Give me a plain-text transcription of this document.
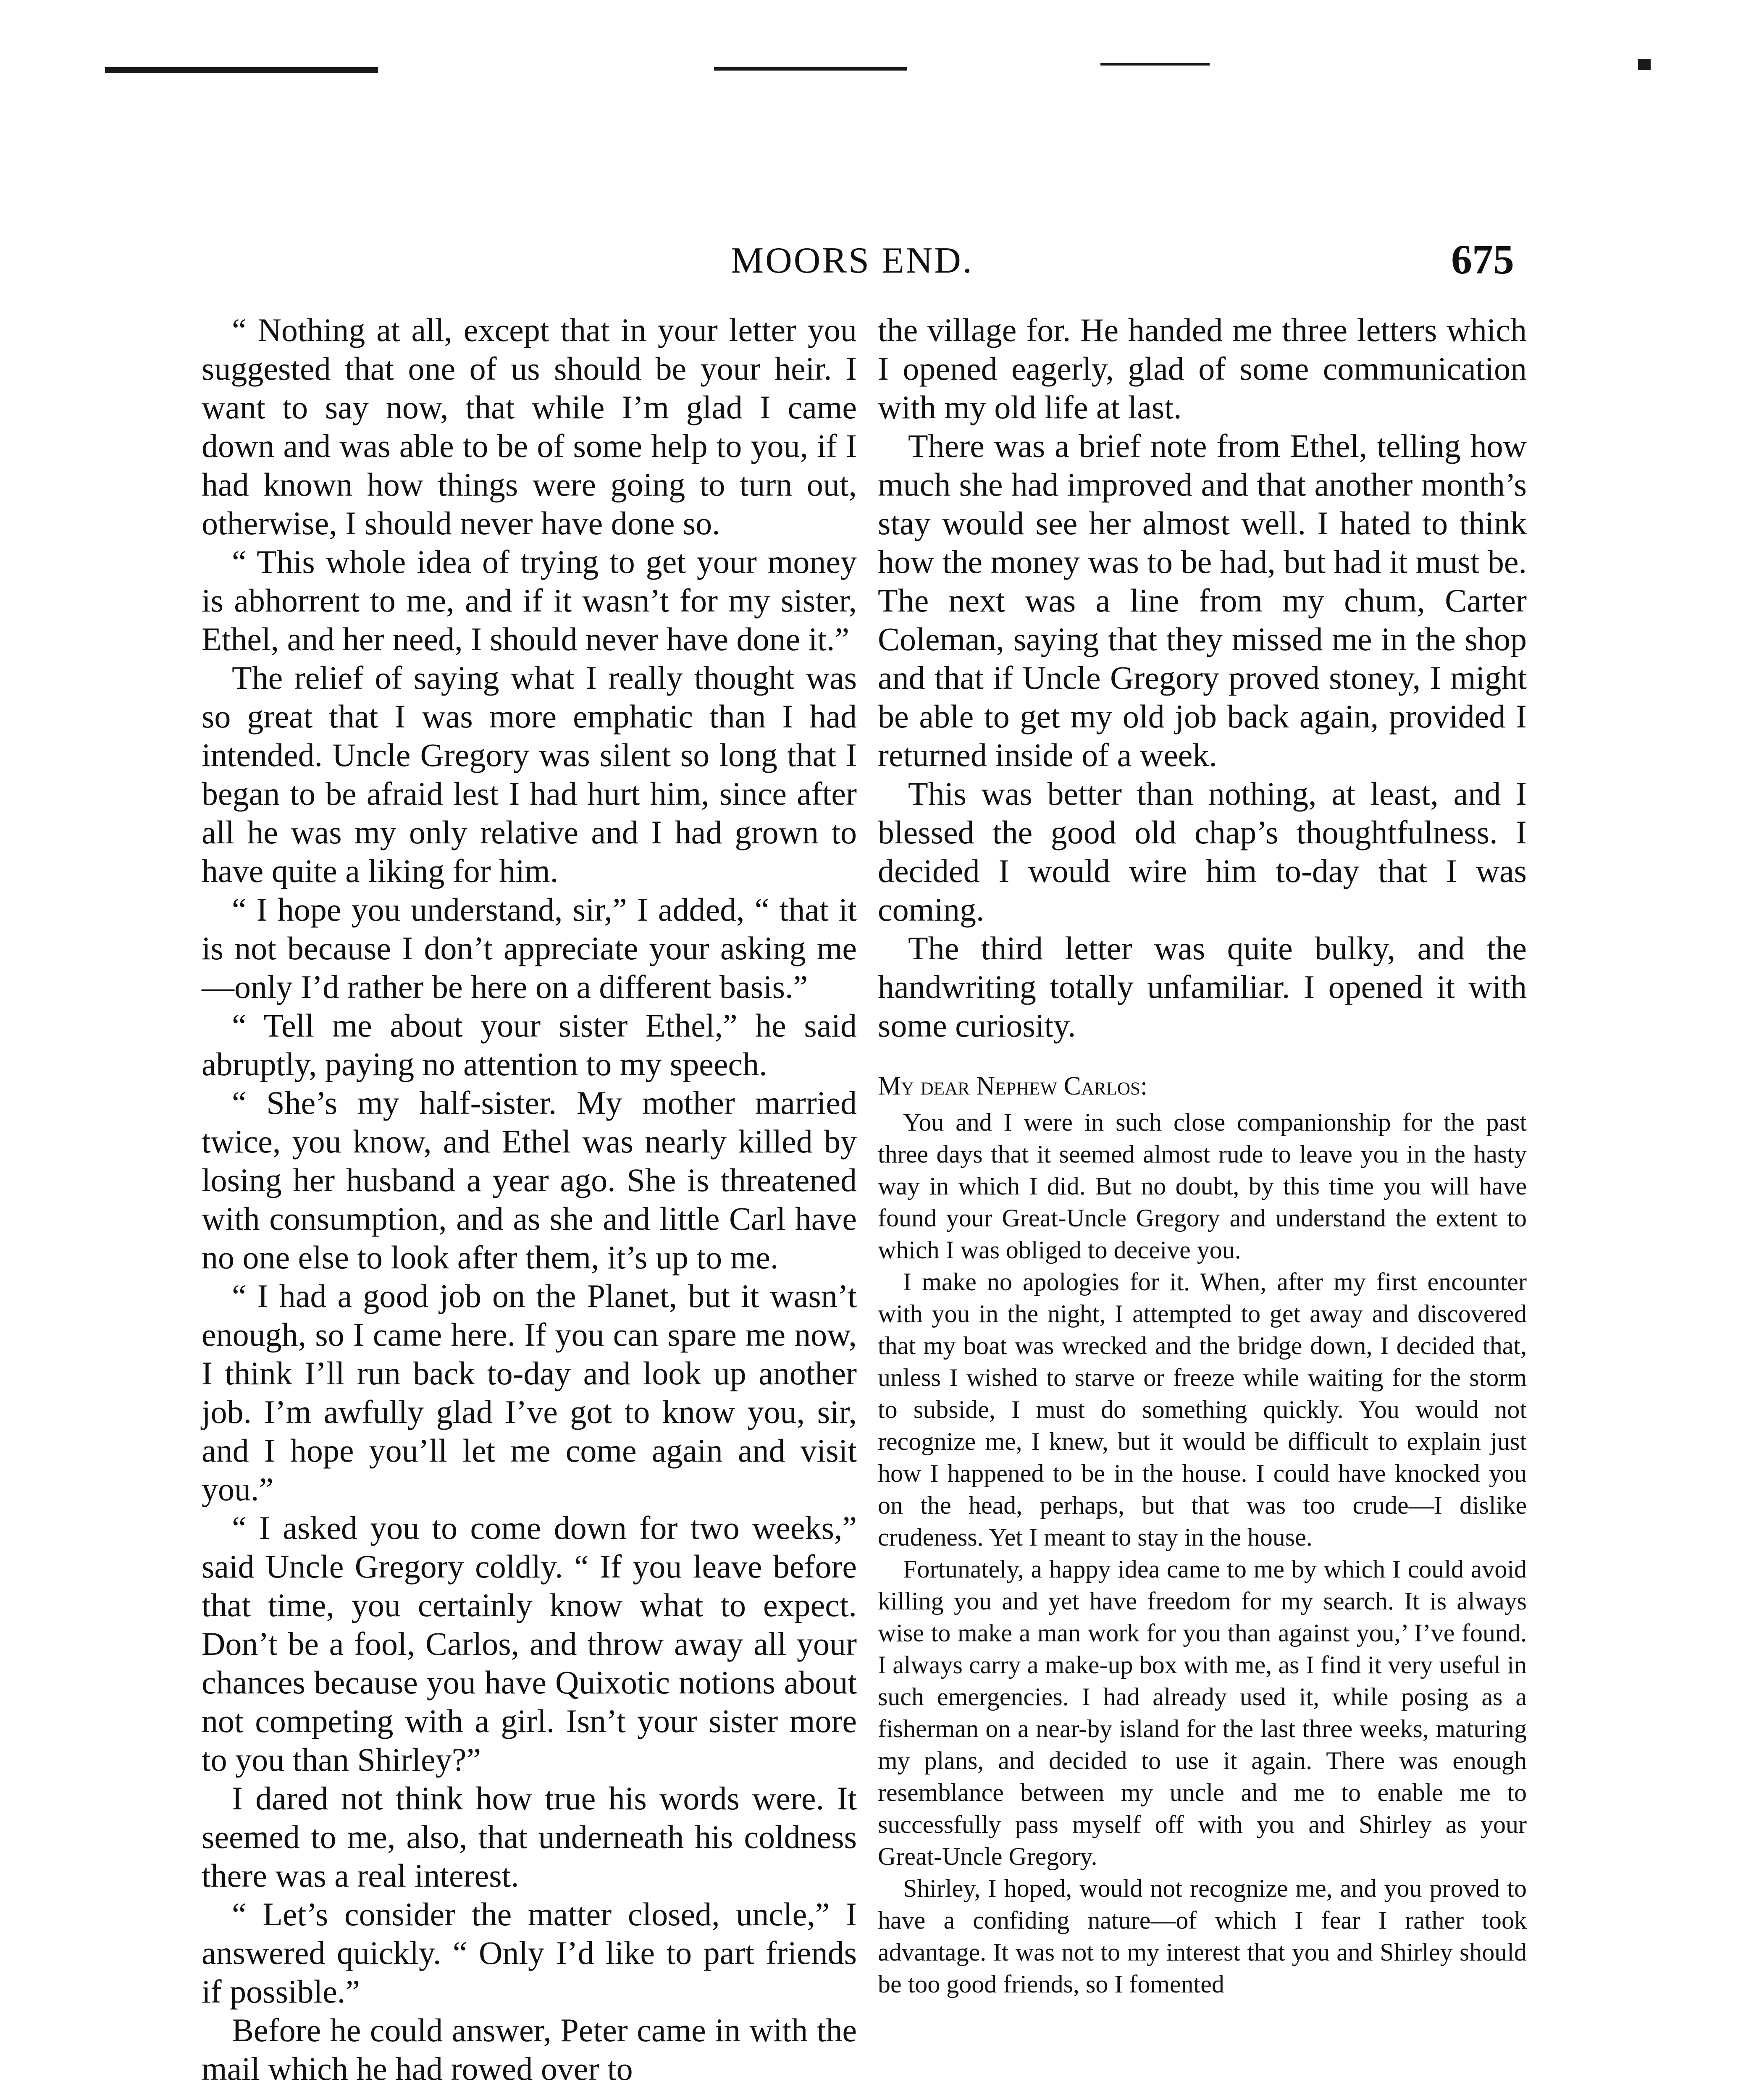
MOORS END.	675

“ Nothing at all, except that in your letter you suggested that one of us should be your heir. I want to say now, that while I’m glad I came down and was able to be of some help to you, if I had known how things were going to turn out, otherwise, I should never have done so.

“ This whole idea of trying to get your money is abhorrent to me, and if it wasn’t for my sister, Ethel, and her need, I should never have done it.”

The relief of saying what I really thought was so great that I was more emphatic than I had intended. Uncle Gregory was silent so long that I began to be afraid lest I had hurt him, since after all he was my only relative and I had grown to have quite a liking for him.

“ I hope you understand, sir,” I added, “ that it is not because I don’t appreciate your asking me—only I’d rather be here on a different basis.”

“ Tell me about your sister Ethel,” he said abruptly, paying no attention to my speech.

“ She’s my half-sister. My mother married twice, you know, and Ethel was nearly killed by losing her husband a year ago. She is threatened with consumption, and as she and little Carl have no one else to look after them, it’s up to me.

“ I had a good job on the Planet, but it wasn’t enough, so I came here. If you can spare me now, I think I’ll run back to-day and look up another job. I’m awfully glad I’ve got to know you, sir, and I hope you’ll let me come again and visit you.”

“ I asked you to come down for two weeks,” said Uncle Gregory coldly. “ If you leave before that time, you certainly know what to expect. Don’t be a fool, Carlos, and throw away all your chances because you have Quixotic notions about not competing with a girl. Isn’t your sister more to you than Shirley?”

I dared not think how true his words were. It seemed to me, also, that underneath his coldness there was a real interest.

“ Let’s consider the matter closed, uncle,” I answered quickly. “ Only I’d like to part friends if possible.”

Before he could answer, Peter came in with the mail which he had rowed over to

the village for. He handed me three letters which I opened eagerly, glad of some communication with my old life at last.

There was a brief note from Ethel, telling how much she had improved and that another month’s stay would see her almost well. I hated to think how the money was to be had, but had it must be. The next was a line from my chum, Carter Coleman, saying that they missed me in the shop and that if Uncle Gregory proved stoney, I might be able to get my old job back again, provided I returned inside of a week.

This was better than nothing, at least, and I blessed the good old chap’s thoughtfulness. I decided I would wire him to-day that I was coming.

The third letter was quite bulky, and the handwriting totally unfamiliar. I opened it with some curiosity.

My dear Nephew Carlos:

You and I were in such close companionship for the past three days that it seemed almost rude to leave you in the hasty way in which I did. But no doubt, by this time you will have found your Great-Uncle Gregory and understand the extent to which I was obliged to deceive you.

I make no apologies for it. When, after my first encounter with you in the night, I attempted to get away and discovered that my boat was wrecked and the bridge down, I decided that, unless I wished to starve or freeze while waiting for the storm to subside, I must do something quickly. You would not recognize me, I knew, but it would be difficult to explain just how I happened to be in the house. I could have knocked you on the head, perhaps, but that was too crude—I dislike crudeness. Yet I meant to stay in the house.

Fortunately, a happy idea came to me by which I could avoid killing you and yet have freedom for my search. It is always wise to make a man work for you than against you,’ I’ve found. I always carry a make-up box with me, as I find it very useful in such emergencies. I had already used it, while posing as a fisherman on a near-by island for the last three weeks, maturing my plans, and decided to use it again. There was enough resemblance between my uncle and me to enable me to successfully pass myself off with you and Shirley as your Great-Uncle Gregory.

Shirley, I hoped, would not recognize me, and you proved to have a confiding nature—of which I fear I rather took advantage. It was not to my interest that you and Shirley should be too good friends, so I fomented
